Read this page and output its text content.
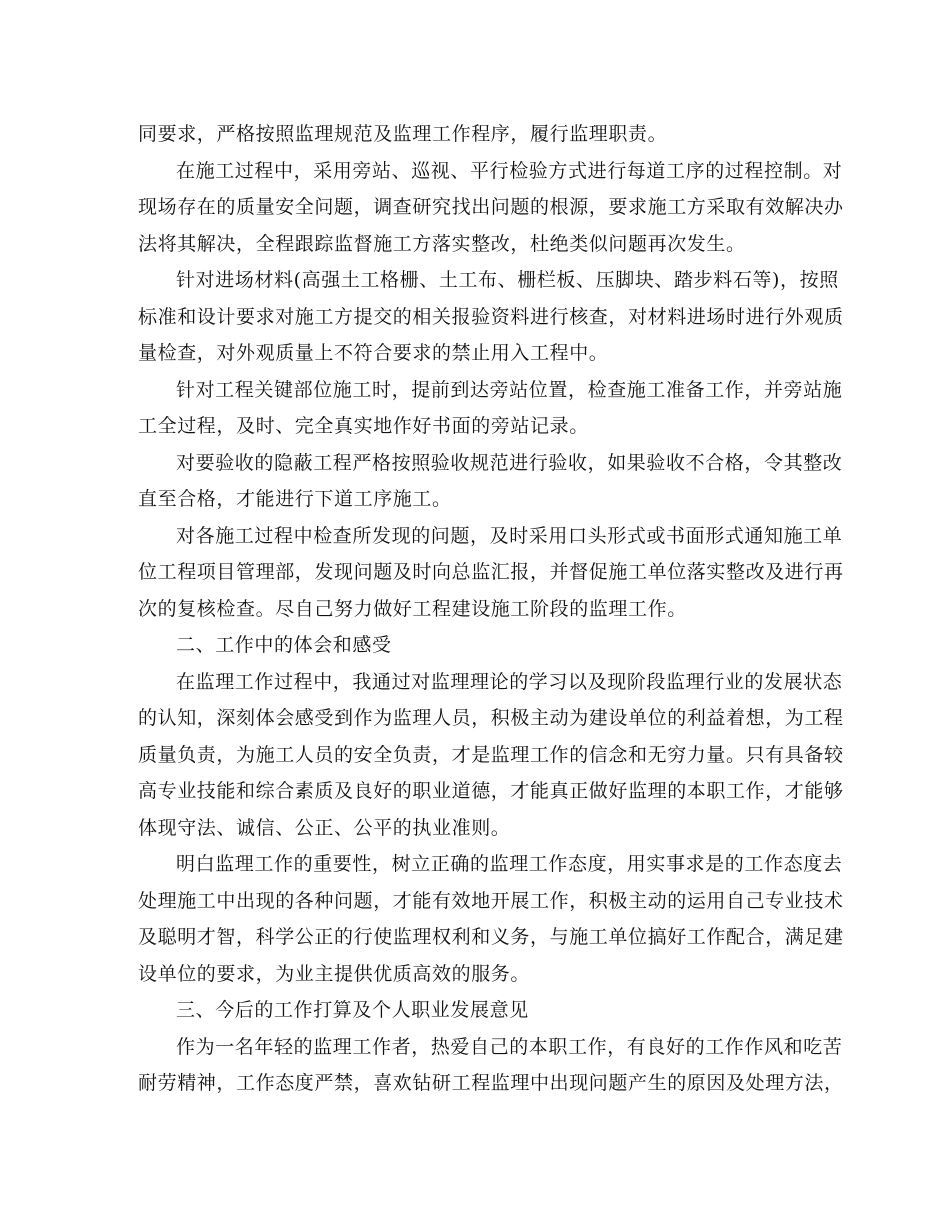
同要求，严格按照监理规范及监理工作程序，履行监理职责。
在施工过程中，采用旁站、巡视、平行检验方式进行每道工序的过程控制。对
现场存在的质量安全问题，调查研究找出问题的根源，要求施工方采取有效解决办
法将其解决，全程跟踪监督施工方落实整改，杜绝类似问题再次发生。
针对进场材料(高强土工格栅、土工布、栅栏板、压脚块、踏步料石等)，按照
标准和设计要求对施工方提交的相关报验资料进行核查，对材料进场时进行外观质
量检查，对外观质量上不符合要求的禁止用入工程中。
针对工程关键部位施工时，提前到达旁站位置，检查施工准备工作，并旁站施
工全过程，及时、完全真实地作好书面的旁站记录。
对要验收的隐蔽工程严格按照验收规范进行验收，如果验收不合格，令其整改
直至合格，才能进行下道工序施工。
对各施工过程中检查所发现的问题，及时采用口头形式或书面形式通知施工单
位工程项目管理部，发现问题及时向总监汇报，并督促施工单位落实整改及进行再
次的复核检查。尽自己努力做好工程建设施工阶段的监理工作。
二、工作中的体会和感受
在监理工作过程中，我通过对监理理论的学习以及现阶段监理行业的发展状态
的认知，深刻体会感受到作为监理人员，积极主动为建设单位的利益着想，为工程
质量负责，为施工人员的安全负责，才是监理工作的信念和无穷力量。只有具备较
高专业技能和综合素质及良好的职业道德，才能真正做好监理的本职工作，才能够
体现守法、诚信、公正、公平的执业准则。
明白监理工作的重要性，树立正确的监理工作态度，用实事求是的工作态度去
处理施工中出现的各种问题，才能有效地开展工作，积极主动的运用自己专业技术
及聪明才智，科学公正的行使监理权利和义务，与施工单位搞好工作配合，满足建
设单位的要求，为业主提供优质高效的服务。
三、今后的工作打算及个人职业发展意见
作为一名年轻的监理工作者，热爱自己的本职工作，有良好的工作作风和吃苦
耐劳精神，工作态度严禁，喜欢钻研工程监理中出现问题产生的原因及处理方法，
